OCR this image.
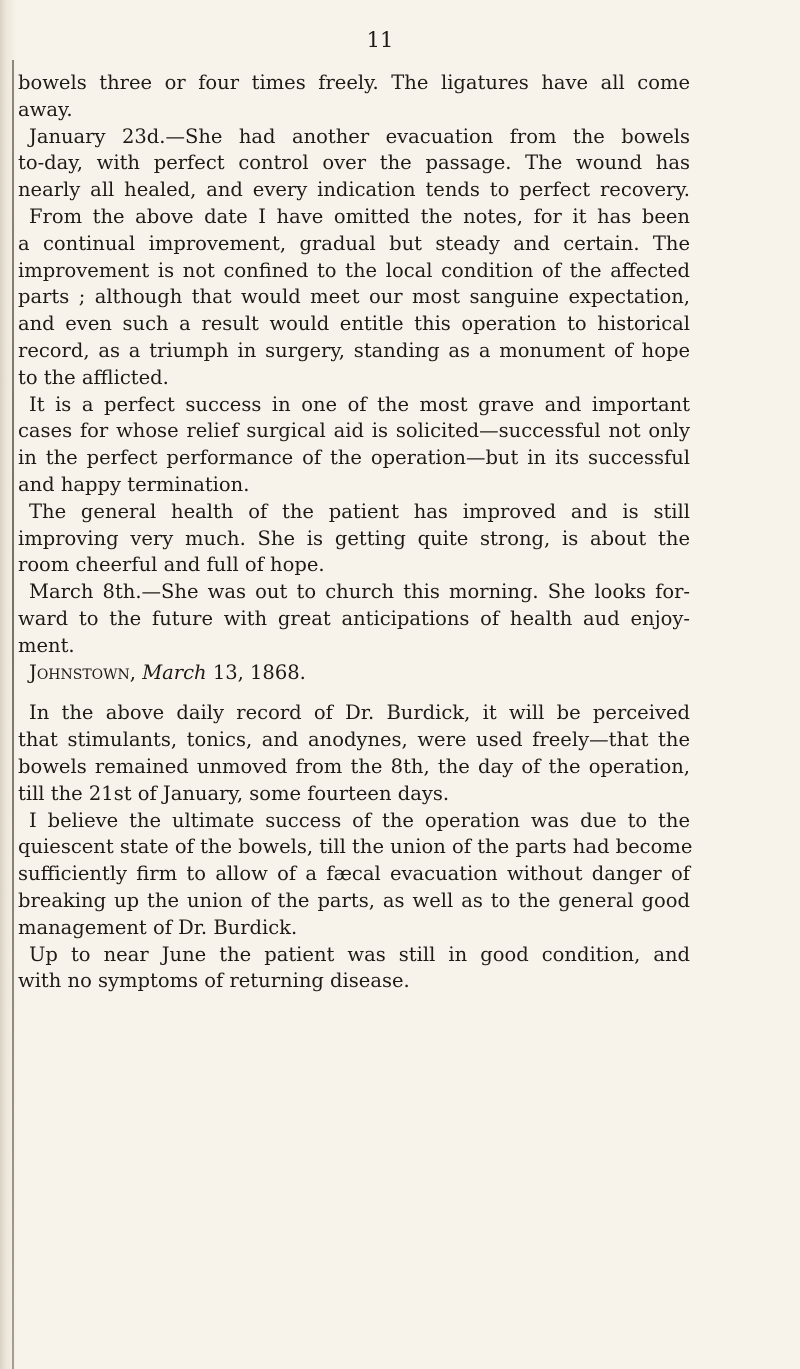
11
bowels three or four times freely. The ligatures have all come
away.
January 23d.—She had another evacuation from the bowels
to-day, with perfect control over the passage. The wound has
nearly all healed, and every indication tends to perfect recovery.
From the above date I have omitted the notes, for it has been
a continual improvement, gradual but steady and certain. The
improvement is not confined to the local condition of the affected
parts ; although that would meet our most sanguine expectation,
and even such a result would entitle this operation to historical
record, as a triumph in surgery, standing as a monument of hope
to the afflicted.
It is a perfect success in one of the most grave and important
cases for whose relief surgical aid is solicited—successful not only
in the perfect performance of the operation—but in its successful
and happy termination.
The general health of the patient has improved and is still
improving very much. She is getting quite strong, is about the
room cheerful and full of hope.
March 8th.—She was out to church this morning. She looks for-
ward to the future with great anticipations of health aud enjoy-
ment.
Johnstown, March 13, 1868.
In the above daily record of Dr. Burdick, it will be perceived
that stimulants, tonics, and anodynes, were used freely—that the
bowels remained unmoved from the 8th, the day of the operation,
till the 21st of January, some fourteen days.
I believe the ultimate success of the operation was due to the
quiescent state of the bowels, till the union of the parts had become
sufficiently firm to allow of a fæcal evacuation without danger of
breaking up the union of the parts, as well as to the general good
management of Dr. Burdick.
Up to near June the patient was still in good condition, and
with no symptoms of returning disease.
